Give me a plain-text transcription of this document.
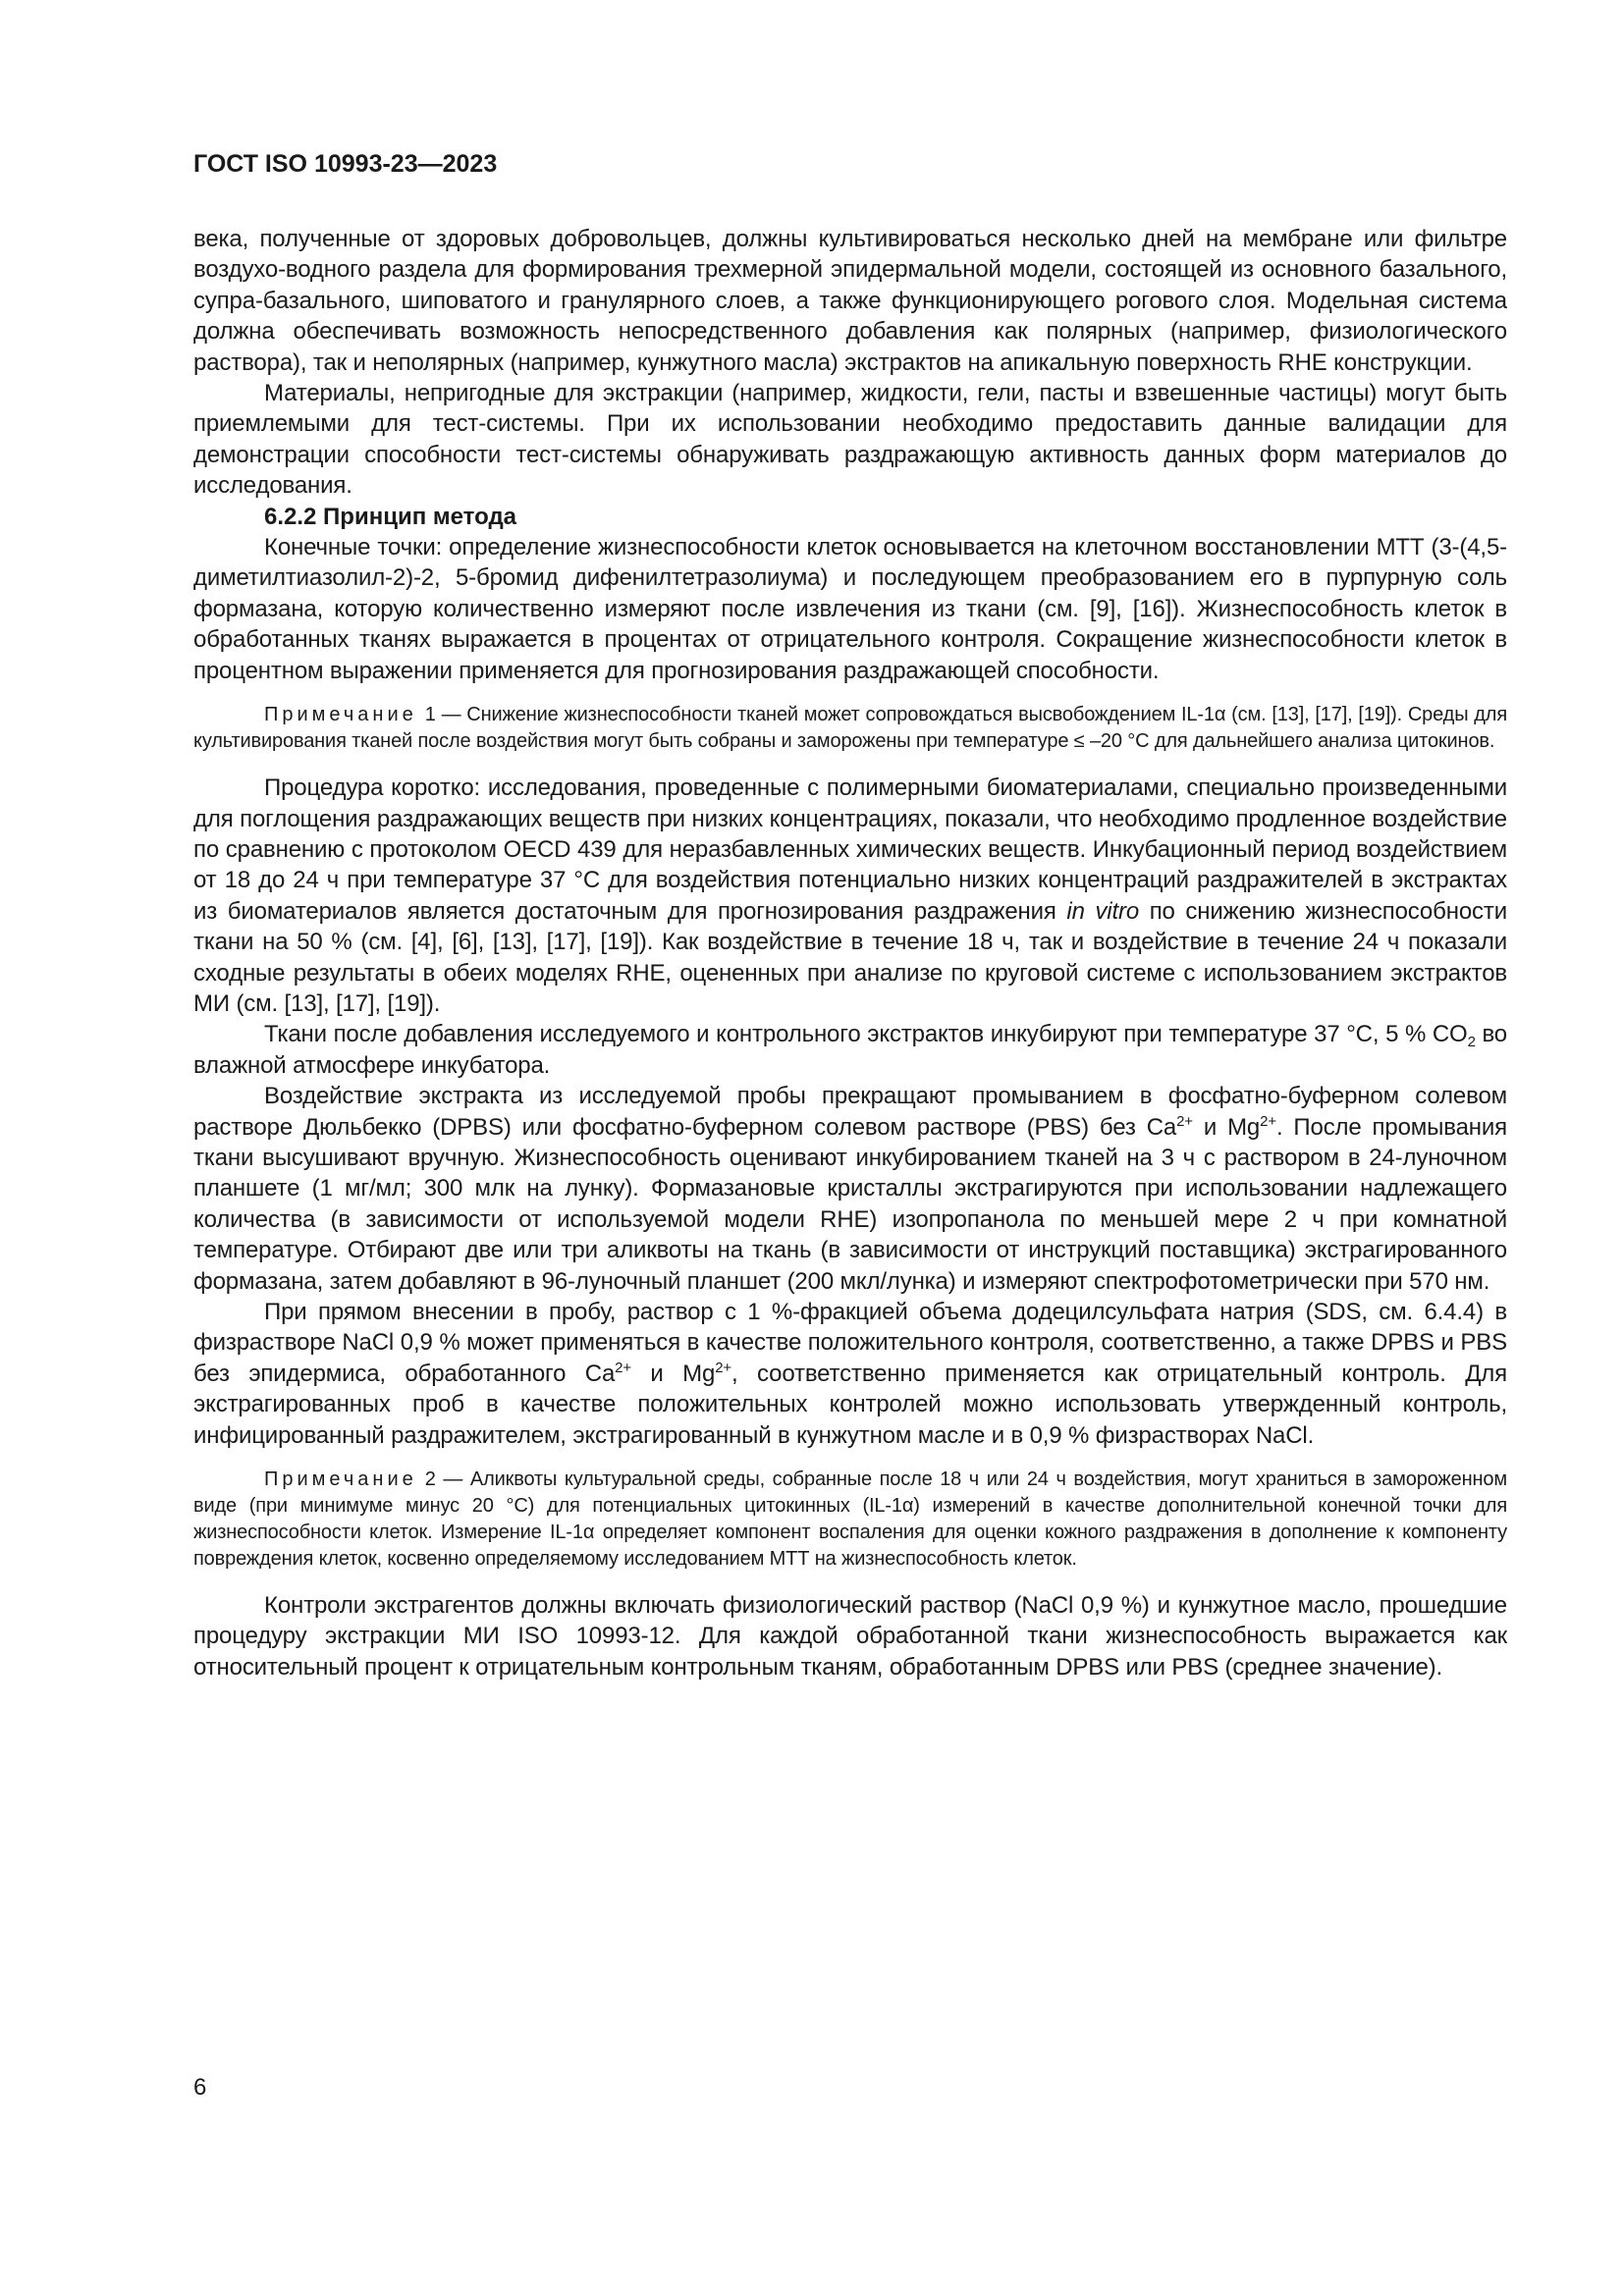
ГОСТ ISO 10993-23—2023

века, полученные от здоровых добровольцев, должны культивироваться несколько дней на мембране или фильтре воздухо-водного раздела для формирования трехмерной эпидермальной модели, состоящей из основного базального, супра-базального, шиповатого и гранулярного слоев, а также функционирующего рогового слоя. Модельная система должна обеспечивать возможность непосредственного добавления как полярных (например, физиологического раствора), так и неполярных (например, кунжутного масла) экстрактов на апикальную поверхность RHE конструкции.

Материалы, непригодные для экстракции (например, жидкости, гели, пасты и взвешенные частицы) могут быть приемлемыми для тест-системы. При их использовании необходимо предоставить данные валидации для демонстрации способности тест-системы обнаруживать раздражающую активность данных форм материалов до исследования.

6.2.2 Принцип метода

Конечные точки: определение жизнеспособности клеток основывается на клеточном восстановлении МТТ (3-(4,5-диметилтиазолил-2)-2, 5-бромид дифенилтетразолиума) и последующем преобразованием его в пурпурную соль формазана, которую количественно измеряют после извлечения из ткани (см. [9], [16]). Жизнеспособность клеток в обработанных тканях выражается в процентах от отрицательного контроля. Сокращение жизнеспособности клеток в процентном выражении применяется для прогнозирования раздражающей способности.

Примечание 1 — Снижение жизнеспособности тканей может сопровождаться высвобождением IL-1α (см. [13], [17], [19]). Среды для культивирования тканей после воздействия могут быть собраны и заморожены при температуре ≤ –20 °С для дальнейшего анализа цитокинов.

Процедура коротко: исследования, проведенные с полимерными биоматериалами, специально произведенными для поглощения раздражающих веществ при низких концентрациях, показали, что необходимо продленное воздействие по сравнению с протоколом OECD 439 для неразбавленных химических веществ. Инкубационный период воздействием от 18 до 24 ч при температуре 37 °С для воздействия потенциально низких концентраций раздражителей в экстрактах из биоматериалов является достаточным для прогнозирования раздражения in vitro по снижению жизнеспособности ткани на 50 % (см. [4], [6], [13], [17], [19]). Как воздействие в течение 18 ч, так и воздействие в течение 24 ч показали сходные результаты в обеих моделях RHE, оцененных при анализе по круговой системе с использованием экстрактов МИ (см. [13], [17], [19]).

Ткани после добавления исследуемого и контрольного экстрактов инкубируют при температуре 37 °С, 5 % $CO_2$ во влажной атмосфере инкубатора.

Воздействие экстракта из исследуемой пробы прекращают промыванием в фосфатно-буферном солевом растворе Дюльбекко (DPBS) или фосфатно-буферном солевом растворе (PBS) без $Ca^{2+}$ и $Mg^{2+}$. После промывания ткани высушивают вручную. Жизнеспособность оценивают инкубированием тканей на 3 ч с раствором в 24-луночном планшете (1 мг/мл; 300 млк на лунку). Формазановые кристаллы экстрагируются при использовании надлежащего количества (в зависимости от используемой модели RHE) изопропанола по меньшей мере 2 ч при комнатной температуре. Отбирают две или три аликвоты на ткань (в зависимости от инструкций поставщика) экстрагированного формазана, затем добавляют в 96-луночный планшет (200 мкл/лунка) и измеряют спектрофотометрически при 570 нм.

При прямом внесении в пробу, раствор с 1 %-фракцией объема додецилсульфата натрия (SDS, см. 6.4.4) в физрастворе NaCl 0,9 % может применяться в качестве положительного контроля, соответственно, а также DPBS и PBS без эпидермиса, обработанного $Ca^{2+}$ и $Mg^{2+}$, соответственно применяется как отрицательный контроль. Для экстрагированных проб в качестве положительных контролей можно использовать утвержденный контроль, инфицированный раздражителем, экстрагированный в кунжутном масле и в 0,9 % физрастворах NaCl.

Примечание 2 — Аликвоты культуральной среды, собранные после 18 ч или 24 ч воздействия, могут храниться в замороженном виде (при минимуме минус 20 °С) для потенциальных цитокинных (IL-1α) измерений в качестве дополнительной конечной точки для жизнеспособности клеток. Измерение IL-1α определяет компонент воспаления для оценки кожного раздражения в дополнение к компоненту повреждения клеток, косвенно определяемому исследованием МТТ на жизнеспособность клеток.

Контроли экстрагентов должны включать физиологический раствор (NaCl 0,9 %) и кунжутное масло, прошедшие процедуру экстракции МИ ISO 10993-12. Для каждой обработанной ткани жизнеспособность выражается как относительный процент к отрицательным контрольным тканям, обработанным DPBS или PBS (среднее значение).

6
